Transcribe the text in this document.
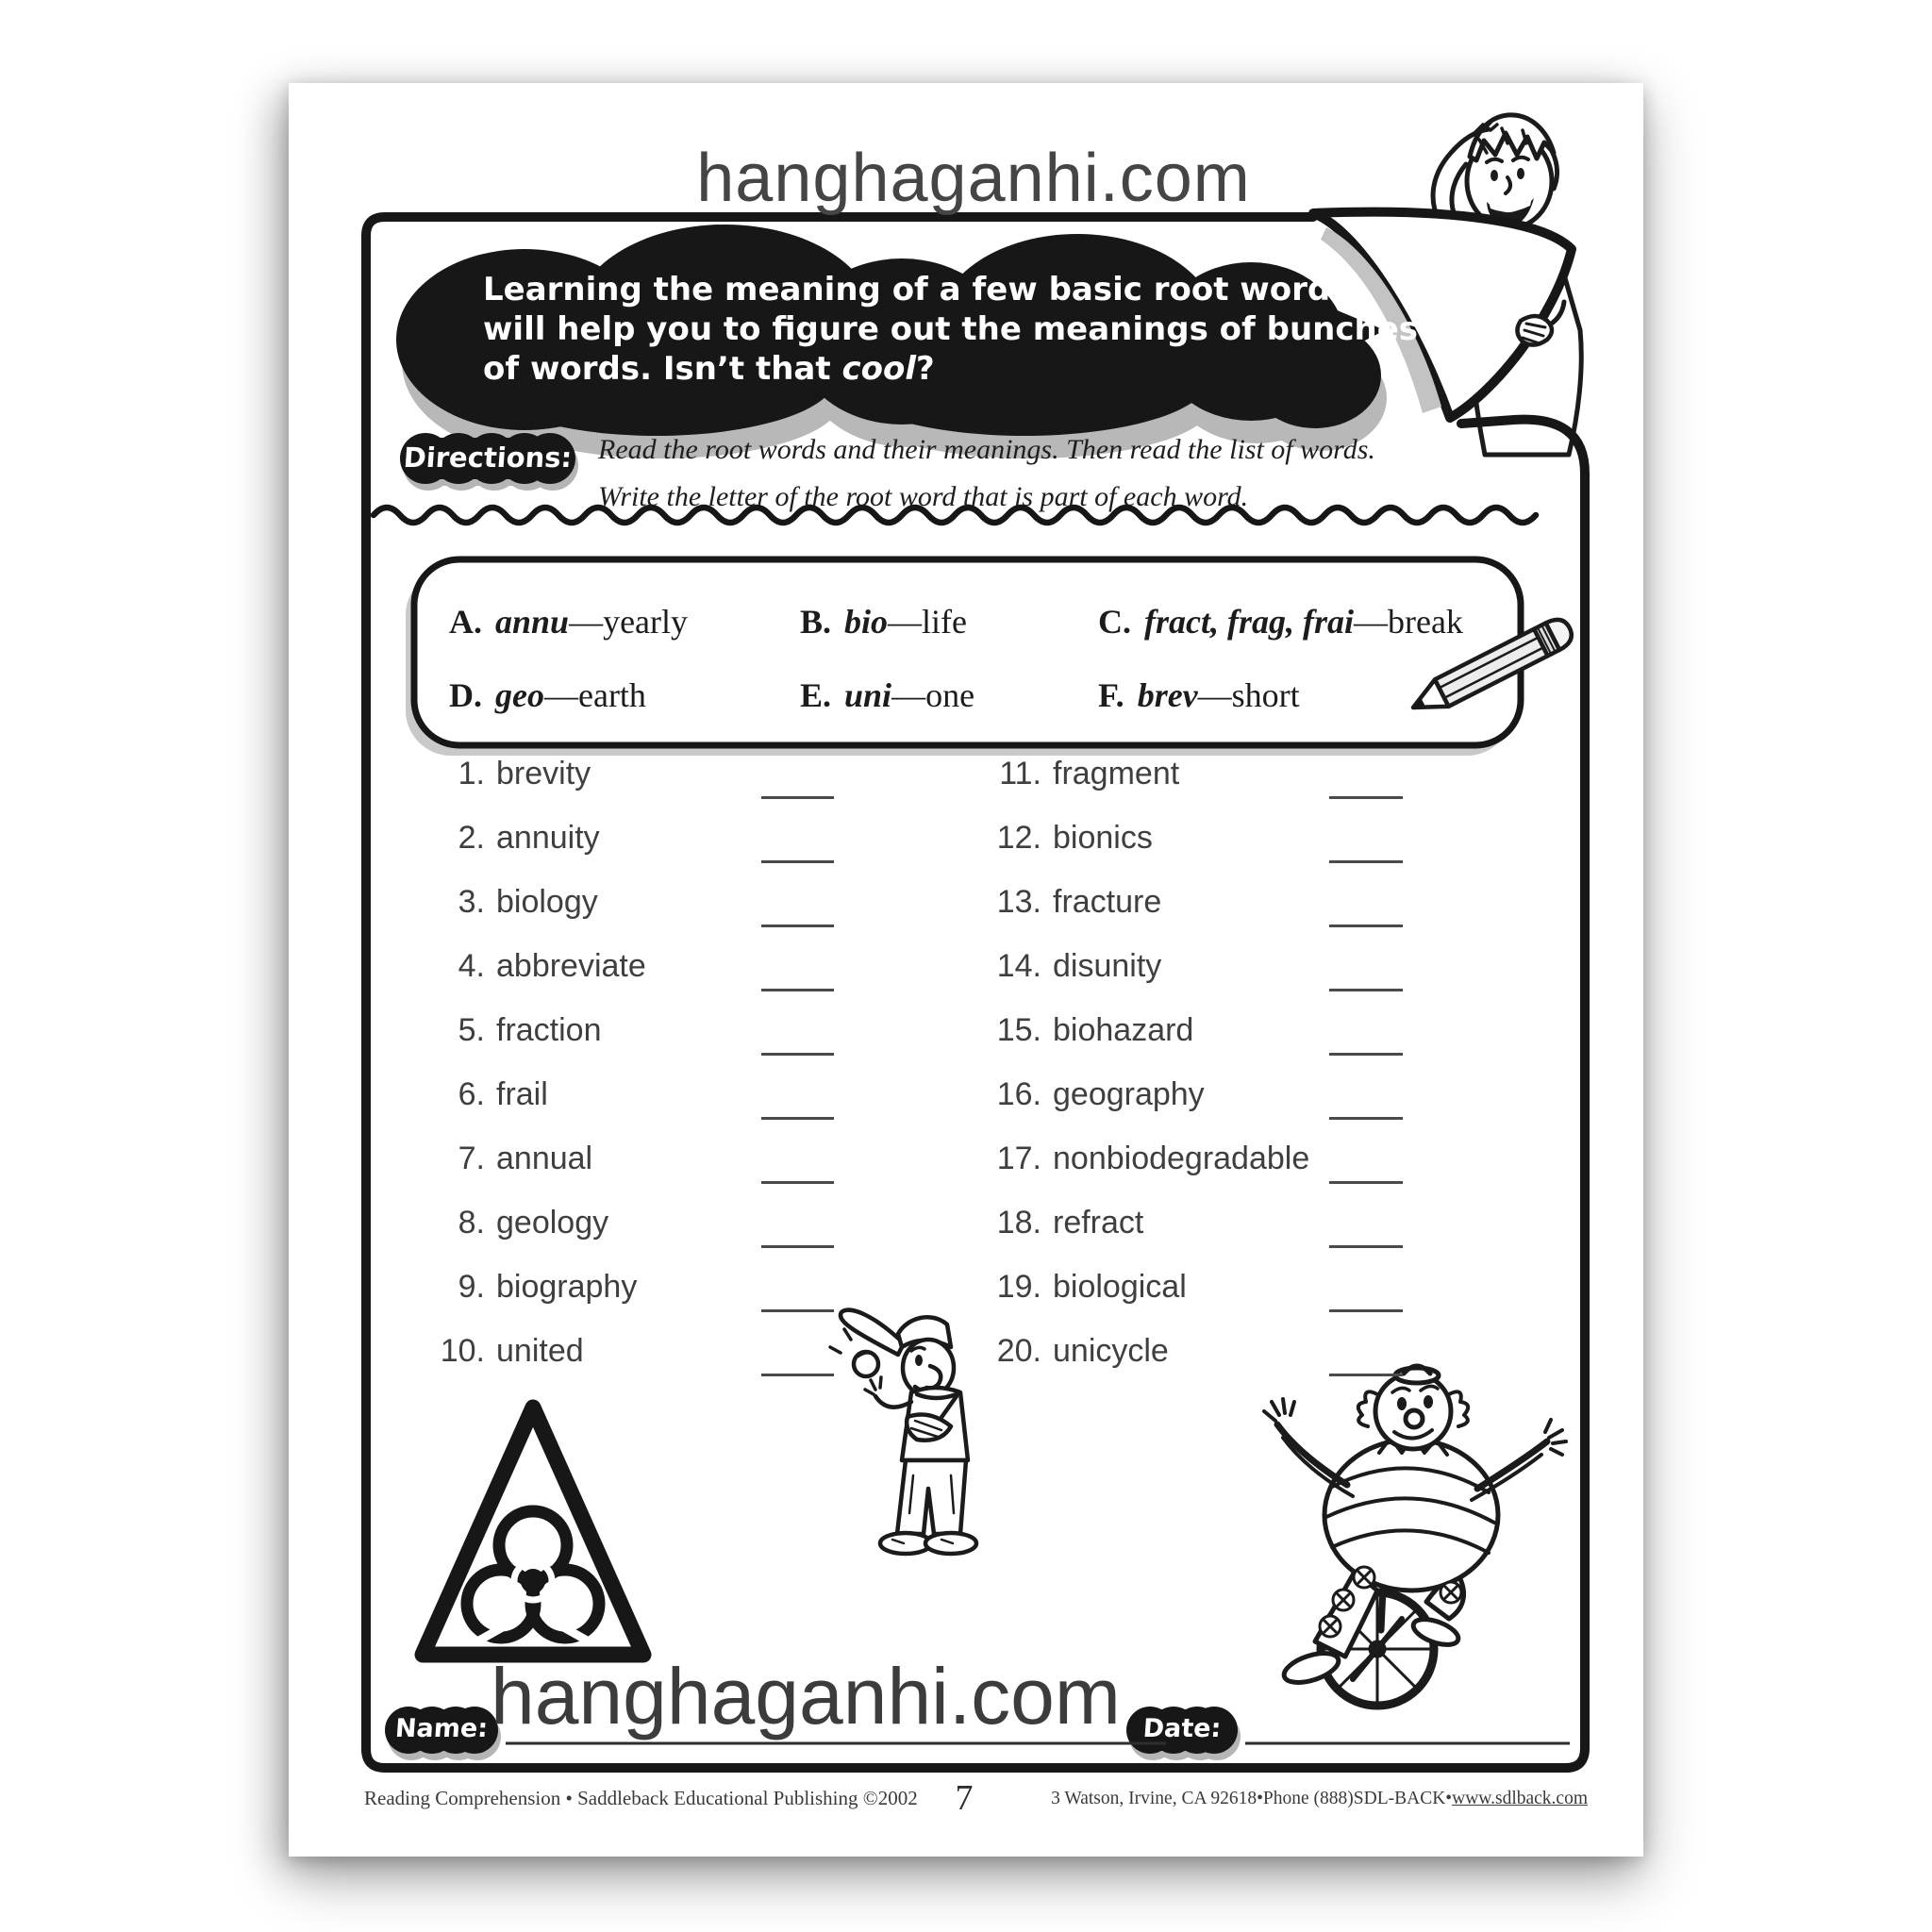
hanghaganhi.com
Learning the meaning of a few basic root words
will help you to figure out the meanings of bunches
of words. Isn’t that cool?
Directions: Read the root words and their meanings. Then read the list of words.
Write the letter of the root word that is part of each word.
A. annu—yearly	B. bio—life	C. fract, frag, frai—break
D. geo—earth	E. uni—one	F. brev—short
1. brevity
2. annuity
3. biology
4. abbreviate
5. fraction
6. frail
7. annual
8. geology
9. biography
10. united
11. fragment
12. bionics
13. fracture
14. disunity
15. biohazard
16. geography
17. nonbiodegradable
18. refract
19. biological
20. unicycle
hanghaganhi.com
Name:	Date:
Reading Comprehension • Saddleback Educational Publishing ©2002 7	3 Watson, Irvine, CA 92618•Phone (888)SDL-BACK•www.sdlback.com
